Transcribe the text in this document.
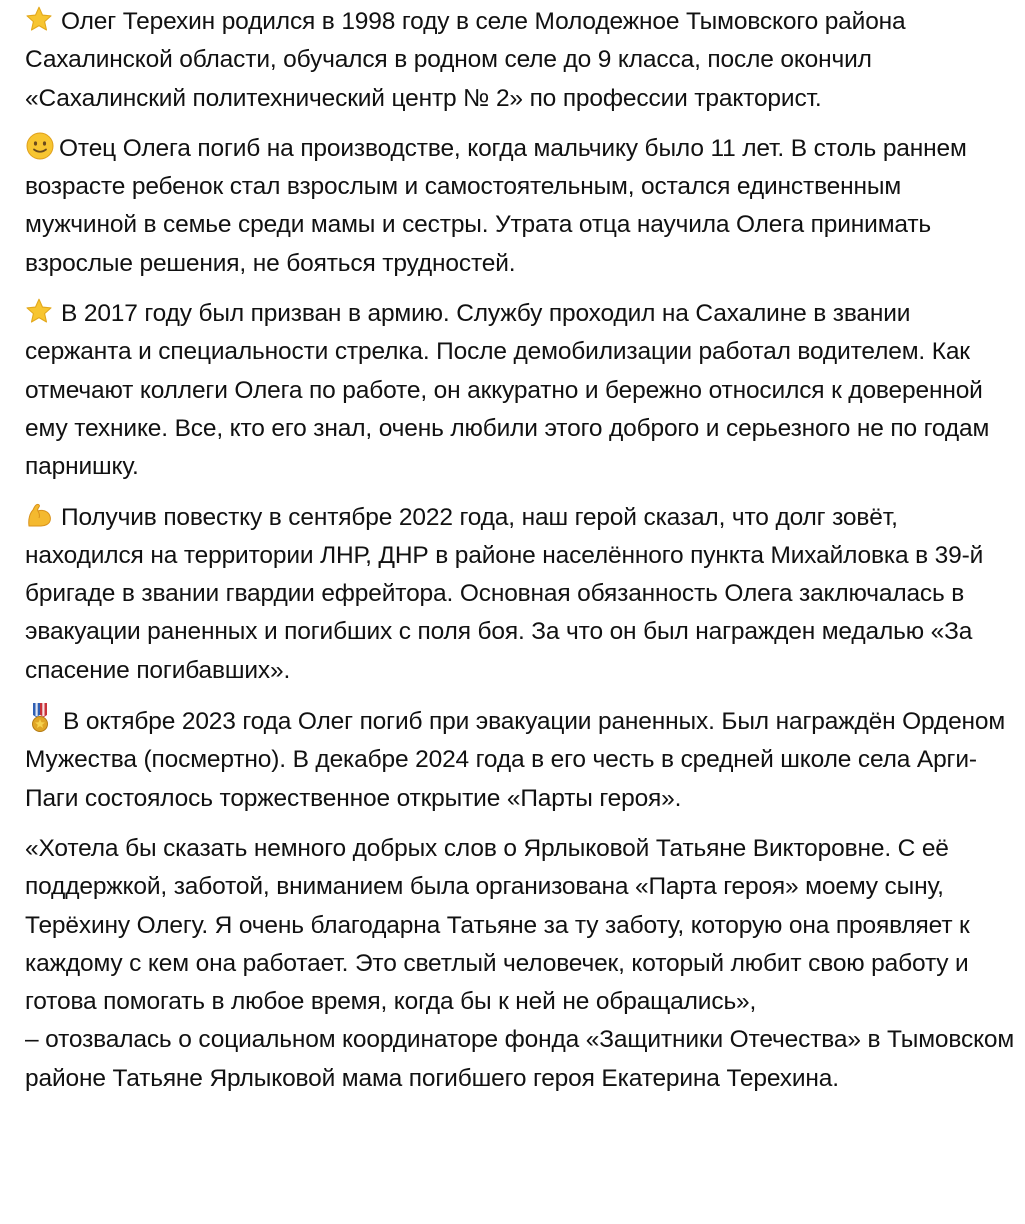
Олег Терехин родился в 1998 году в селе Молодежное Тымовского района Сахалинской области, обучался в родном селе до 9 класса, после окончил «Сахалинский политехнический центр № 2» по профессии тракторист.

Отец Олега погиб на производстве, когда мальчику было 11 лет. В столь раннем возрасте ребенок стал взрослым и самостоятельным, остался единственным мужчиной в семье среди мамы и сестры. Утрата отца научила Олега принимать взрослые решения, не бояться трудностей.

В 2017 году был призван в армию. Службу проходил на Сахалине в звании сержанта и специальности стрелка. После демобилизации работал водителем. Как отмечают коллеги Олега по работе, он аккуратно и бережно относился к доверенной ему технике. Все, кто его знал, очень любили этого доброго и серьезного не по годам парнишку.

Получив повестку в сентябре 2022 года, наш герой сказал, что долг зовёт, находился на территории ЛНР, ДНР в районе населённого пункта Михайловка в 39-й бригаде в звании гвардии ефрейтора. Основная обязанность Олега заключалась в эвакуации раненных и погибших с поля боя. За что он был награжден медалью «За спасение погибавших».

В октябре 2023 года Олег погиб при эвакуации раненных. Был награждён Орденом Мужества (посмертно). В декабре 2024 года в его честь в средней школе села Арги-Паги состоялось торжественное открытие «Парты героя».

«Хотела бы сказать немного добрых слов о Ярлыковой Татьяне Викторовне. С её поддержкой, заботой, вниманием была организована «Парта героя» моему сыну, Терёхину Олегу. Я очень благодарна Татьяне за ту заботу, которую она проявляет к каждому с кем она работает. Это светлый человечек, который любит свою работу и готова помогать в любое время, когда бы к ней не обращались»,
– отозвалась о социальном координаторе фонда «Защитники Отечества» в Тымовском районе Татьяне Ярлыковой мама погибшего героя Екатерина Терехина.
